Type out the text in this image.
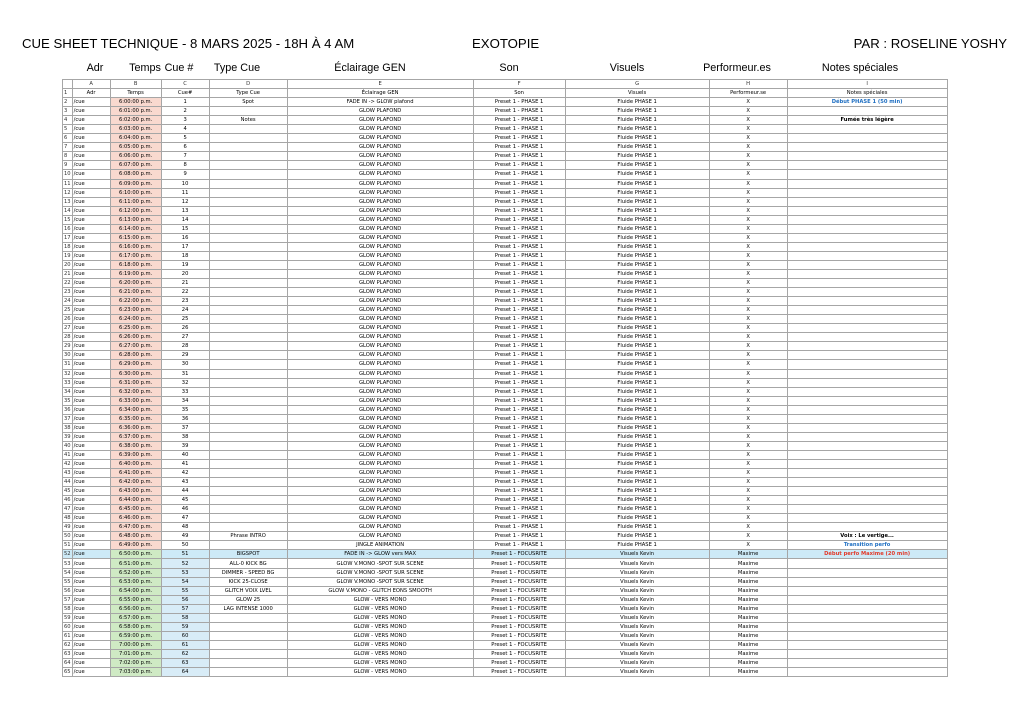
CUE SHEET TECHNIQUE - 8 MARS 2025 - 18H À 4 AM	EXOTOPIE	PAR : ROSELINE YOSHY
Adr Temps Cue # Type Cue	Éclairage GEN	Son	Visuels	Performeur.es	Notes spéciales
	A	B	C	D	E	F	G	H	I
1	Adr	Temps	Cue#	Type Cue	Éclairage GEN	Son	Visuels	Performeur.se	Notes spéciales
2	/cue	6:00:00 p.m.	1	Spot	FADE IN -> GLOW plafond	Preset 1 - PHASE 1	Fluide PHASE 1	X	Début PHASE 1 (50 min)
3	/cue	6:01:00 p.m.	2		GLOW PLAFOND	Preset 1 - PHASE 1	Fluide PHASE 1	X	
4	/cue	6:02:00 p.m.	3	Notes	GLOW PLAFOND	Preset 1 - PHASE 1	Fluide PHASE 1	X	Fumée très légère
5	/cue	6:03:00 p.m.	4		GLOW PLAFOND	Preset 1 - PHASE 1	Fluide PHASE 1	X	
6	/cue	6:04:00 p.m.	5		GLOW PLAFOND	Preset 1 - PHASE 1	Fluide PHASE 1	X	
7	/cue	6:05:00 p.m.	6		GLOW PLAFOND	Preset 1 - PHASE 1	Fluide PHASE 1	X	
8	/cue	6:06:00 p.m.	7		GLOW PLAFOND	Preset 1 - PHASE 1	Fluide PHASE 1	X	
9	/cue	6:07:00 p.m.	8		GLOW PLAFOND	Preset 1 - PHASE 1	Fluide PHASE 1	X	
10	/cue	6:08:00 p.m.	9		GLOW PLAFOND	Preset 1 - PHASE 1	Fluide PHASE 1	X	
11	/cue	6:09:00 p.m.	10		GLOW PLAFOND	Preset 1 - PHASE 1	Fluide PHASE 1	X	
12	/cue	6:10:00 p.m.	11		GLOW PLAFOND	Preset 1 - PHASE 1	Fluide PHASE 1	X	
13	/cue	6:11:00 p.m.	12		GLOW PLAFOND	Preset 1 - PHASE 1	Fluide PHASE 1	X	
14	/cue	6:12:00 p.m.	13		GLOW PLAFOND	Preset 1 - PHASE 1	Fluide PHASE 1	X	
15	/cue	6:13:00 p.m.	14		GLOW PLAFOND	Preset 1 - PHASE 1	Fluide PHASE 1	X	
16	/cue	6:14:00 p.m.	15		GLOW PLAFOND	Preset 1 - PHASE 1	Fluide PHASE 1	X	
17	/cue	6:15:00 p.m.	16		GLOW PLAFOND	Preset 1 - PHASE 1	Fluide PHASE 1	X	
18	/cue	6:16:00 p.m.	17		GLOW PLAFOND	Preset 1 - PHASE 1	Fluide PHASE 1	X	
19	/cue	6:17:00 p.m.	18		GLOW PLAFOND	Preset 1 - PHASE 1	Fluide PHASE 1	X	
20	/cue	6:18:00 p.m.	19		GLOW PLAFOND	Preset 1 - PHASE 1	Fluide PHASE 1	X	
21	/cue	6:19:00 p.m.	20		GLOW PLAFOND	Preset 1 - PHASE 1	Fluide PHASE 1	X	
22	/cue	6:20:00 p.m.	21		GLOW PLAFOND	Preset 1 - PHASE 1	Fluide PHASE 1	X	
23	/cue	6:21:00 p.m.	22		GLOW PLAFOND	Preset 1 - PHASE 1	Fluide PHASE 1	X	
24	/cue	6:22:00 p.m.	23		GLOW PLAFOND	Preset 1 - PHASE 1	Fluide PHASE 1	X	
25	/cue	6:23:00 p.m.	24		GLOW PLAFOND	Preset 1 - PHASE 1	Fluide PHASE 1	X	
26	/cue	6:24:00 p.m.	25		GLOW PLAFOND	Preset 1 - PHASE 1	Fluide PHASE 1	X	
27	/cue	6:25:00 p.m.	26		GLOW PLAFOND	Preset 1 - PHASE 1	Fluide PHASE 1	X	
28	/cue	6:26:00 p.m.	27		GLOW PLAFOND	Preset 1 - PHASE 1	Fluide PHASE 1	X	
29	/cue	6:27:00 p.m.	28		GLOW PLAFOND	Preset 1 - PHASE 1	Fluide PHASE 1	X	
30	/cue	6:28:00 p.m.	29		GLOW PLAFOND	Preset 1 - PHASE 1	Fluide PHASE 1	X	
31	/cue	6:29:00 p.m.	30		GLOW PLAFOND	Preset 1 - PHASE 1	Fluide PHASE 1	X	
32	/cue	6:30:00 p.m.	31		GLOW PLAFOND	Preset 1 - PHASE 1	Fluide PHASE 1	X	
33	/cue	6:31:00 p.m.	32		GLOW PLAFOND	Preset 1 - PHASE 1	Fluide PHASE 1	X	
34	/cue	6:32:00 p.m.	33		GLOW PLAFOND	Preset 1 - PHASE 1	Fluide PHASE 1	X	
35	/cue	6:33:00 p.m.	34		GLOW PLAFOND	Preset 1 - PHASE 1	Fluide PHASE 1	X	
36	/cue	6:34:00 p.m.	35		GLOW PLAFOND	Preset 1 - PHASE 1	Fluide PHASE 1	X	
37	/cue	6:35:00 p.m.	36		GLOW PLAFOND	Preset 1 - PHASE 1	Fluide PHASE 1	X	
38	/cue	6:36:00 p.m.	37		GLOW PLAFOND	Preset 1 - PHASE 1	Fluide PHASE 1	X	
39	/cue	6:37:00 p.m.	38		GLOW PLAFOND	Preset 1 - PHASE 1	Fluide PHASE 1	X	
40	/cue	6:38:00 p.m.	39		GLOW PLAFOND	Preset 1 - PHASE 1	Fluide PHASE 1	X	
41	/cue	6:39:00 p.m.	40		GLOW PLAFOND	Preset 1 - PHASE 1	Fluide PHASE 1	X	
42	/cue	6:40:00 p.m.	41		GLOW PLAFOND	Preset 1 - PHASE 1	Fluide PHASE 1	X	
43	/cue	6:41:00 p.m.	42		GLOW PLAFOND	Preset 1 - PHASE 1	Fluide PHASE 1	X	
44	/cue	6:42:00 p.m.	43		GLOW PLAFOND	Preset 1 - PHASE 1	Fluide PHASE 1	X	
45	/cue	6:43:00 p.m.	44		GLOW PLAFOND	Preset 1 - PHASE 1	Fluide PHASE 1	X	
46	/cue	6:44:00 p.m.	45		GLOW PLAFOND	Preset 1 - PHASE 1	Fluide PHASE 1	X	
47	/cue	6:45:00 p.m.	46		GLOW PLAFOND	Preset 1 - PHASE 1	Fluide PHASE 1	X	
48	/cue	6:46:00 p.m.	47		GLOW PLAFOND	Preset 1 - PHASE 1	Fluide PHASE 1	X	
49	/cue	6:47:00 p.m.	48		GLOW PLAFOND	Preset 1 - PHASE 1	Fluide PHASE 1	X	
50	/cue	6:48:00 p.m.	49	Phrase INTRO	GLOW PLAFOND	Preset 1 - PHASE 1	Fluide PHASE 1	X	Voix : Le vertige...
51	/cue	6:49:00 p.m.	50		JINGLE ANIMATION	Preset 1 - PHASE 1	Fluide PHASE 1	X	Transition perfo
52	/cue	6:50:00 p.m.	51	BIGSPOT	FADE IN -> GLOW vers MAX	Preset 1 - FOCUSRITE	Visuels Kevin	Maxime	Début perfo Maxime (20 min)
53	/cue	6:51:00 p.m.	52	ALL-0 KICK BG	GLOW V.MONO -SPOT SUR SCENE	Preset 1 - FOCUSRITE	Visuels Kevin	Maxime	
54	/cue	6:52:00 p.m.	53	DIMMER - SPEED BG	GLOW V.MONO -SPOT SUR SCENE	Preset 1 - FOCUSRITE	Visuels Kevin	Maxime	
55	/cue	6:53:00 p.m.	54	KICK 25-CLOSE	GLOW V.MONO -SPOT SUR SCENE	Preset 1 - FOCUSRITE	Visuels Kevin	Maxime	
56	/cue	6:54:00 p.m.	55	GLITCH VOIX LVEL	GLOW V.MONO - GLITCH EONS SMOOTH	Preset 1 - FOCUSRITE	Visuels Kevin	Maxime	
57	/cue	6:55:00 p.m.	56	GLOW 25	GLOW - VERS MONO	Preset 1 - FOCUSRITE	Visuels Kevin	Maxime	
58	/cue	6:56:00 p.m.	57	LAG INTENSE 1000	GLOW - VERS MONO	Preset 1 - FOCUSRITE	Visuels Kevin	Maxime	
59	/cue	6:57:00 p.m.	58		GLOW - VERS MONO	Preset 1 - FOCUSRITE	Visuels Kevin	Maxime	
60	/cue	6:58:00 p.m.	59		GLOW - VERS MONO	Preset 1 - FOCUSRITE	Visuels Kevin	Maxime	
61	/cue	6:59:00 p.m.	60		GLOW - VERS MONO	Preset 1 - FOCUSRITE	Visuels Kevin	Maxime	
62	/cue	7:00:00 p.m.	61		GLOW - VERS MONO	Preset 1 - FOCUSRITE	Visuels Kevin	Maxime	
63	/cue	7:01:00 p.m.	62		GLOW - VERS MONO	Preset 1 - FOCUSRITE	Visuels Kevin	Maxime	
64	/cue	7:02:00 p.m.	63		GLOW - VERS MONO	Preset 1 - FOCUSRITE	Visuels Kevin	Maxime	
65	/cue	7:03:00 p.m.	64		GLOW - VERS MONO	Preset 1 - FOCUSRITE	Visuels Kevin	Maxime	
